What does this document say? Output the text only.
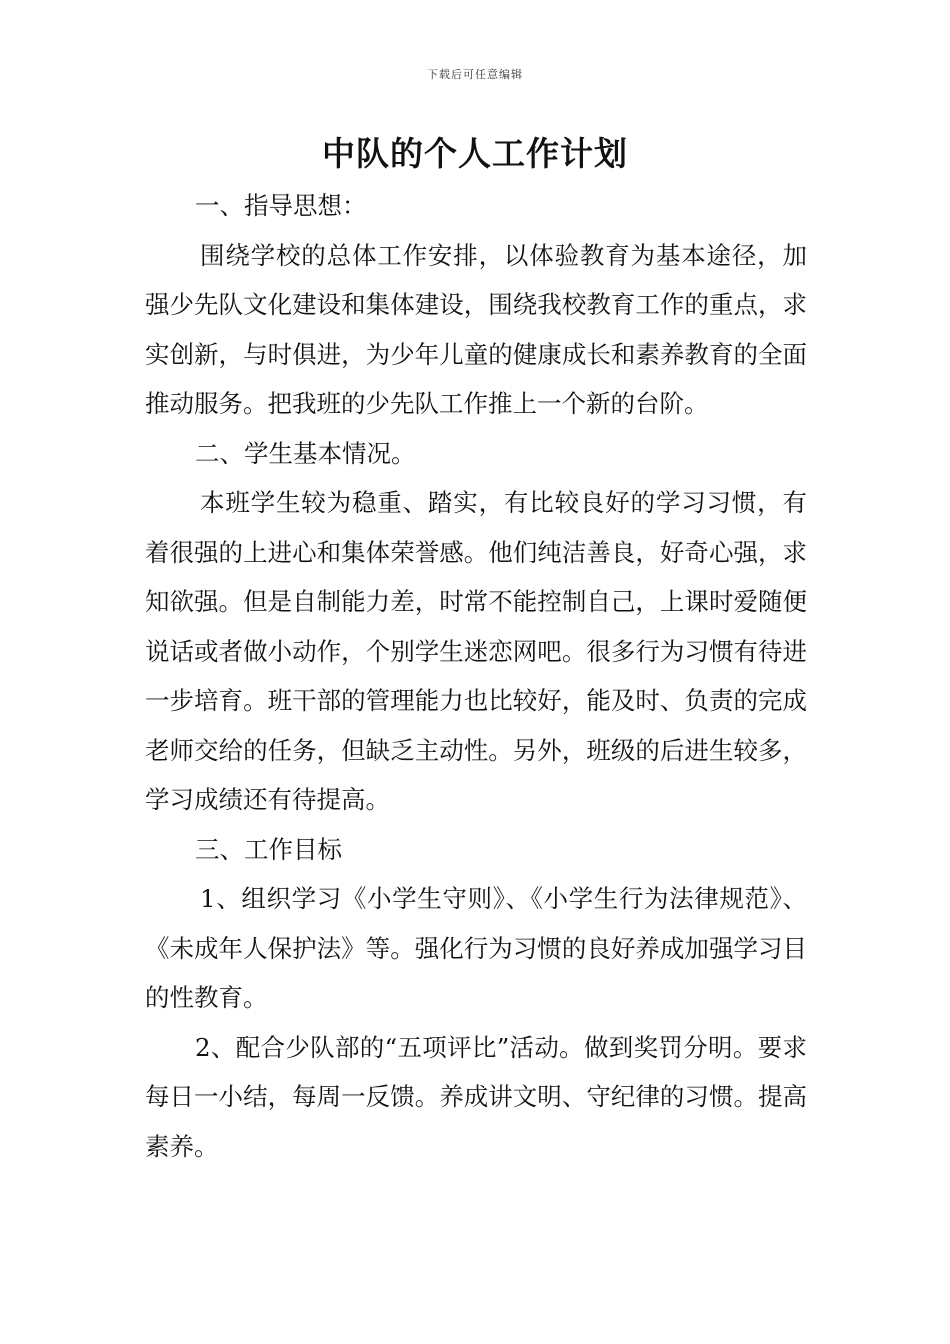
下载后可任意编辑
中队的个人工作计划

一、指导思想：

围绕学校的总体工作安排，以体验教育为基本途径，加强少先队文化建设和集体建设，围绕我校教育工作的重点，求实创新，与时俱进，为少年儿童的健康成长和素养教育的全面推动服务。把我班的少先队工作推上一个新的台阶。

二、学生基本情况。

本班学生较为稳重、踏实，有比较良好的学习习惯，有着很强的上进心和集体荣誉感。他们纯洁善良，好奇心强，求知欲强。但是自制能力差，时常不能控制自己，上课时爱随便说话或者做小动作，个别学生迷恋网吧。很多行为习惯有待进一步培育。班干部的管理能力也比较好，能及时、负责的完成老师交给的任务，但缺乏主动性。另外，班级的后进生较多，学习成绩还有待提高。

三、工作目标

1、组织学习《小学生守则》、《小学生行为法律规范》、《未成年人保护法》等。强化行为习惯的良好养成加强学习目的性教育。

2、配合少队部的“五项评比”活动。做到奖罚分明。要求每日一小结，每周一反馈。养成讲文明、守纪律的习惯。提高素养。
